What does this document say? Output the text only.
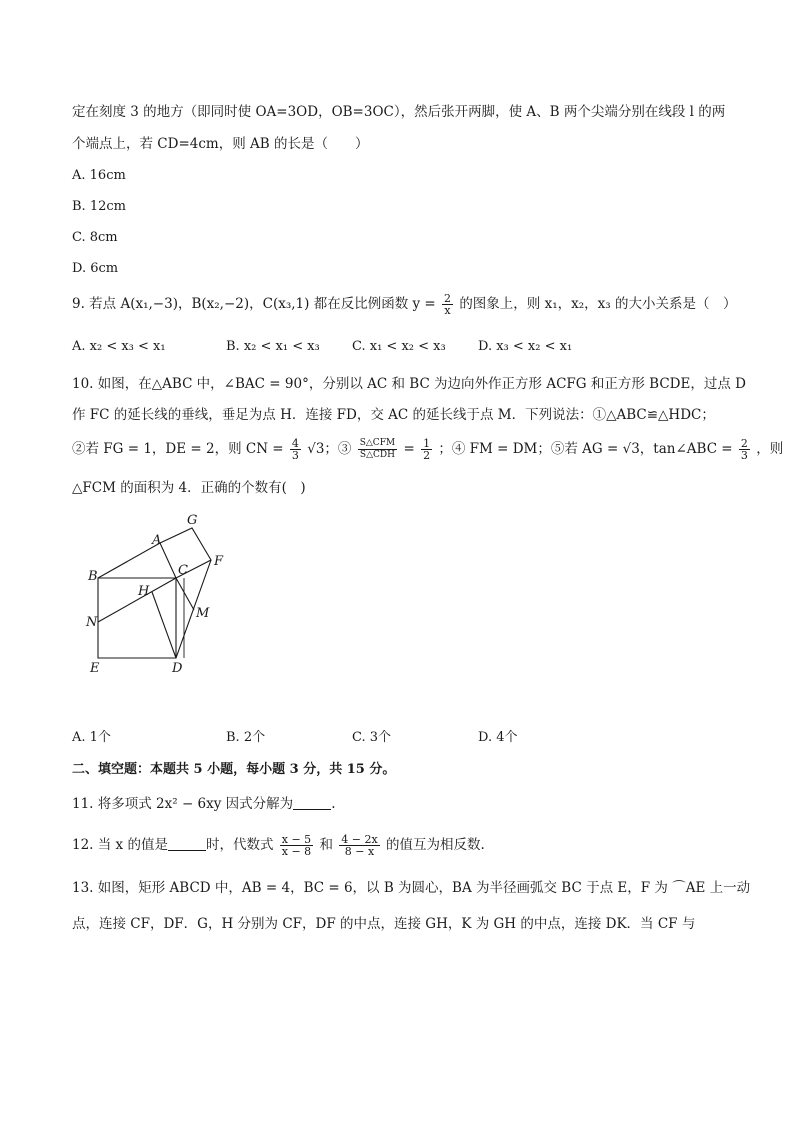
定在刻度 3 的地方（即同时使 OA=3OD，OB=3OC），然后张开两脚，使 A、B 两个尖端分别在线段 l 的两
个端点上，若 CD=4cm，则 AB 的长是（　　）
A. 16cm
B. 12cm
C. 8cm
D. 6cm
9. 若点 A(x₁,−3)，B(x₂,−2)，C(x₃,1) 都在反比例函数 $y = \frac{2}{x}$ 的图象上，则 x₁，x₂，x₃ 的大小关系是（　）
A. x₂ < x₃ < x₁	B. x₂ < x₁ < x₃ C. x₁ < x₂ < x₃ D. x₃ < x₂ < x₁
10. 如图，在△ABC 中，∠BAC = 90°，分别以 AC 和 BC 为边向外作正方形 ACFG 和正方形 BCDE，过点 D
作 FC 的延长线的垂线，垂足为点 H．连接 FD，交 AC 的延长线于点 M．下列说法：①△ABC≌△HDC；
②若 FG = 1，DE = 2，则 CN = $\frac{4}{3} √3$；③ $\frac{\text{S△CFM}}{\text{S△CDH}} = \frac{1}{2}$ ；④ FM = DM；⑤若 AG = √3，tan∠ABC = $\frac{2}{3}$ ，则
△FCM 的面积为 4．正确的个数有(　)
G
A
B	C
F
H
M
N
E	D
A. 1个	B. 2个	C. 3个	D. 4个
二、填空题：本题共 5 小题，每小题 3 分，共 15 分。
11. 将多项式 2x² − 6xy 因式分解为	.
12. 当 x 的值是	时，代数式 $\frac{x - 5}{x - 8}$ 和 $\frac{4 - 2x}{8 - x}$ 的值互为相反数.
13. 如图，矩形 ABCD 中，AB = 4，BC = 6，以 B 为圆心，BA 为半径画弧交 BC 于点 E，F 为 ⌒AE 上一动
点，连接 CF，DF．G，H 分别为 CF，DF 的中点，连接 GH，K 为 GH 的中点，连接 DK．当 CF 与
